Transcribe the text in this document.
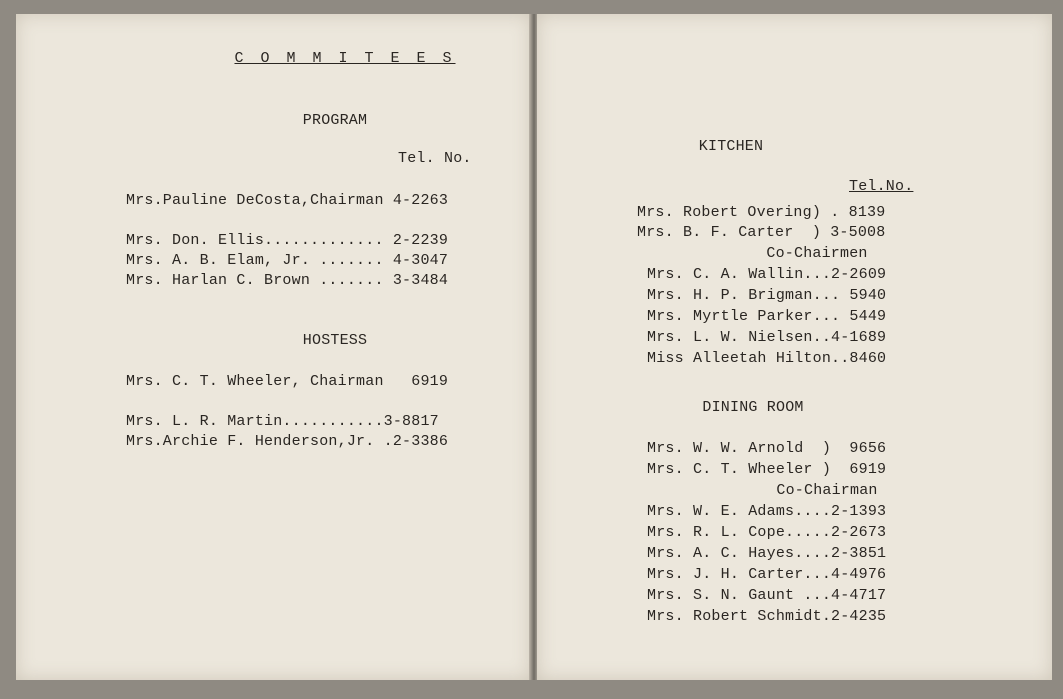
C O M M I T E E S
PROGRAM
Tel. No.
Mrs.Pauline DeCosta,Chairman 4-2263
Mrs. Don. Ellis............. 2-2239
Mrs. A. B. Elam, Jr. ....... 4-3047
Mrs. Harlan C. Brown ....... 3-3484
HOSTESS
Mrs. C. T. Wheeler, Chairman   6919
Mrs. L. R. Martin...........3-8817
Mrs.Archie F. Henderson,Jr. .2-3386
KITCHEN
Tel.No.
Mrs. Robert Overing) . 8139
Mrs. B. F. Carter  ) 3-5008
Co-Chairmen
Mrs. C. A. Wallin...2-2609
Mrs. H. P. Brigman... 5940
Mrs. Myrtle Parker... 5449
Mrs. L. W. Nielsen..4-1689
Miss Alleetah Hilton..8460
DINING ROOM
Mrs. W. W. Arnold  )  9656
Mrs. C. T. Wheeler )  6919
Co-Chairman
Mrs. W. E. Adams....2-1393
Mrs. R. L. Cope.....2-2673
Mrs. A. C. Hayes....2-3851
Mrs. J. H. Carter...4-4976
Mrs. S. N. Gaunt ...4-4717
Mrs. Robert Schmidt.2-4235
